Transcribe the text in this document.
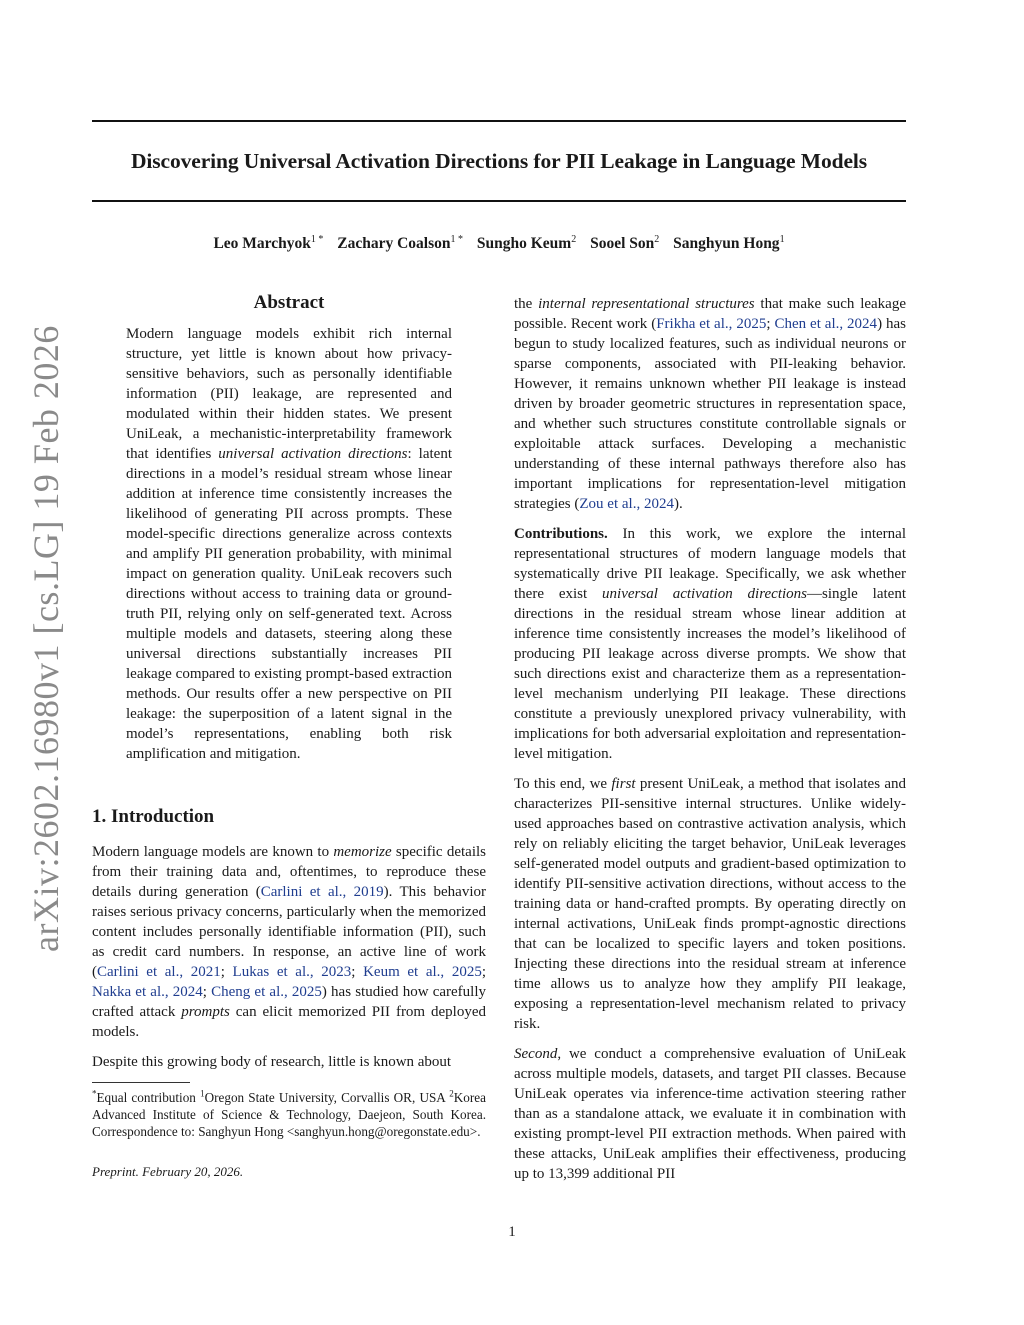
arXiv:2602.16980v1 [cs.LG] 19 Feb 2026
Discovering Universal Activation Directions for PII Leakage in Language Models
Leo Marchyok$^{1 *}$ Zachary Coalson$^{1 *}$ Sungho Keum$^2$ Sooel Son$^2$ Sanghyun Hong$^1$
Abstract
Modern language models exhibit rich internal structure, yet little is known about how privacy-sensitive behaviors, such as personally identifiable information (PII) leakage, are represented and modulated within their hidden states. We present UniLeak, a mechanistic-interpretability framework that identifies universal activation directions: latent directions in a model’s residual stream whose linear addition at inference time consistently increases the likelihood of generating PII across prompts. These model-specific directions generalize across contexts and amplify PII generation probability, with minimal impact on generation quality. UniLeak recovers such directions without access to training data or ground-truth PII, relying only on self-generated text. Across multiple models and datasets, steering along these universal directions substantially increases PII leakage compared to existing prompt-based extraction methods. Our results offer a new perspective on PII leakage: the superposition of a latent signal in the model’s representations, enabling both risk amplification and mitigation.
1. Introduction

Modern language models are known to memorize specific details from their training data and, oftentimes, to reproduce these details during generation (Carlini et al., 2019). This behavior raises serious privacy concerns, particularly when the memorized content includes personally identifiable information (PII), such as credit card numbers. In response, an active line of work (Carlini et al., 2021; Lukas et al., 2023; Keum et al., 2025; Nakka et al., 2024; Cheng et al., 2025) has studied how carefully crafted attack prompts can elicit memorized PII from deployed models.

Despite this growing body of research, little is known about

*Equal contribution $^1$Oregon State University, Corvallis OR, USA $^2$Korea Advanced Institute of Science & Technology, Daejeon, South Korea. Correspondence to: Sanghyun Hong <sanghyun.hong@oregonstate.edu>.
Preprint. February 20, 2026.

the internal representational structures that make such leakage possible. Recent work (Frikha et al., 2025; Chen et al., 2024) has begun to study localized features, such as individual neurons or sparse components, associated with PII-leaking behavior. However, it remains unknown whether PII leakage is instead driven by broader geometric structures in representation space, and whether such structures constitute controllable signals or exploitable attack surfaces. Developing a mechanistic understanding of these internal pathways therefore also has important implications for representation-level mitigation strategies (Zou et al., 2024).

Contributions. In this work, we explore the internal representational structures of modern language models that systematically drive PII leakage. Specifically, we ask whether there exist universal activation directions—single latent directions in the residual stream whose linear addition at inference time consistently increases the model’s likelihood of producing PII leakage across diverse prompts. We show that such directions exist and characterize them as a representation-level mechanism underlying PII leakage. These directions constitute a previously unexplored privacy vulnerability, with implications for both adversarial exploitation and representation-level mitigation.

To this end, we first present UniLeak, a method that isolates and characterizes PII-sensitive internal structures. Unlike widely-used approaches based on contrastive activation analysis, which rely on reliably eliciting the target behavior, UniLeak leverages self-generated model outputs and gradient-based optimization to identify PII-sensitive activation directions, without access to the training data or hand-crafted prompts. By operating directly on internal activations, UniLeak finds prompt-agnostic directions that can be localized to specific layers and token positions. Injecting these directions into the residual stream at inference time allows us to analyze how they amplify PII leakage, exposing a representation-level mechanism related to privacy risk.

Second, we conduct a comprehensive evaluation of UniLeak across multiple models, datasets, and target PII classes. Because UniLeak operates via inference-time activation steering rather than as a standalone attack, we evaluate it in combination with existing prompt-level PII extraction methods. When paired with these attacks, UniLeak amplifies their effectiveness, producing up to 13,399 additional PII

1
